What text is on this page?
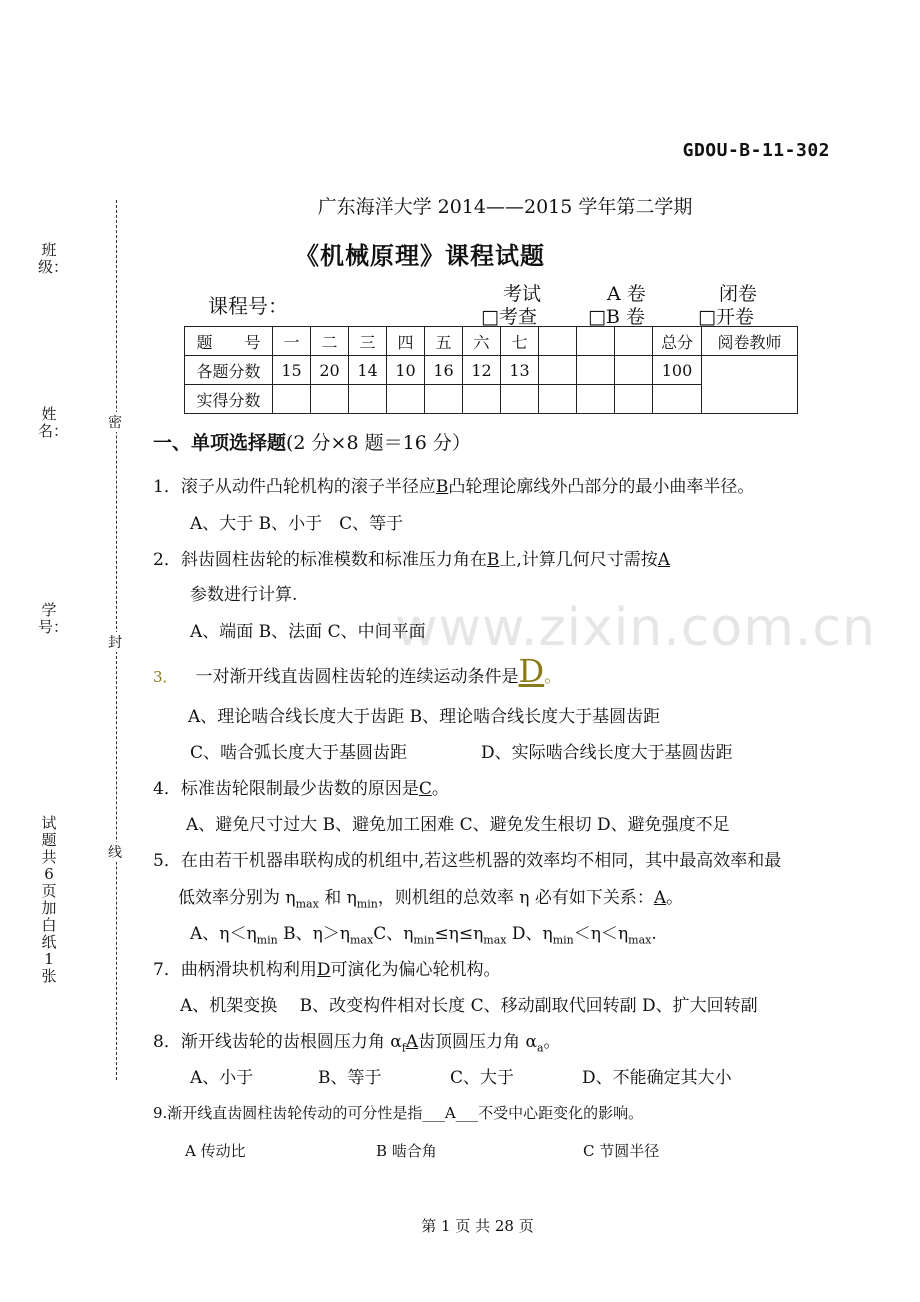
www.zixin.com.cn
GDOU-B-11-302
广东海洋大学 2014——2015 学年第二学期
《机械原理》课程试题
课程号：	考试
□考查
A 卷
□B 卷
闭卷
□开卷
班级：
姓名：
学号：
试题共 6 页 加白纸 1 张
密
封
线
题　　号	一	二	三	四	五	六	七				总分	阅卷教师
各题分数	15	20	14	10	16	12	13				100	
实得分数												
一、单项选择题(2 分×8 题＝16 分）
1．滚子从动件凸轮机构的滚子半径应B凸轮理论廓线外凸部分的最小曲率半径。
A、大于 B、小于　C、等于
2．斜齿圆柱齿轮的标准模数和标准压力角在B上,计算几何尺寸需按A
参数进行计算.
A、端面 B、法面 C、中间平面
3． 一对渐开线直齿圆柱齿轮的连续运动条件是D。
A、理论啮合线长度大于齿距 B、理论啮合线长度大于基圆齿距
C、啮合弧长度大于基圆齿距	D、实际啮合线长度大于基圆齿距
4．标准齿轮限制最少齿数的原因是C。
A、避免尺寸过大 B、避免加工困难 C、避免发生根切 D、避免强度不足
5．在由若干机器串联构成的机组中,若这些机器的效率均不相同，其中最高效率和最
低效率分别为 $\eta_{max}$ 和 $\eta_{min}$，则机组的总效率 η 必有如下关系：A。
A、$\eta<\eta_{min}$ B、$\eta>\eta_{max}C$、$\eta_{min}\le\eta\le\eta_{max}$ D、$\eta_{min}<\eta<\eta_{max}$.
7．曲柄滑块机构利用D可演化为偏心轮机构。
A、机架变换　 B、改变构件相对长度 C、移动副取代回转副 D、扩大回转副
8．渐开线齿轮的齿根圆压力角 $\alpha_fA$齿顶圆压力角 $\alpha_a$。
A、小于	B、等于	C、大于	D、不能确定其大小
9.渐开线直齿圆柱齿轮传动的可分性是指___A___不受中心距变化的影响。
A 传动比	B 啮合角	C 节圆半径
第 1 页 共 28 页
